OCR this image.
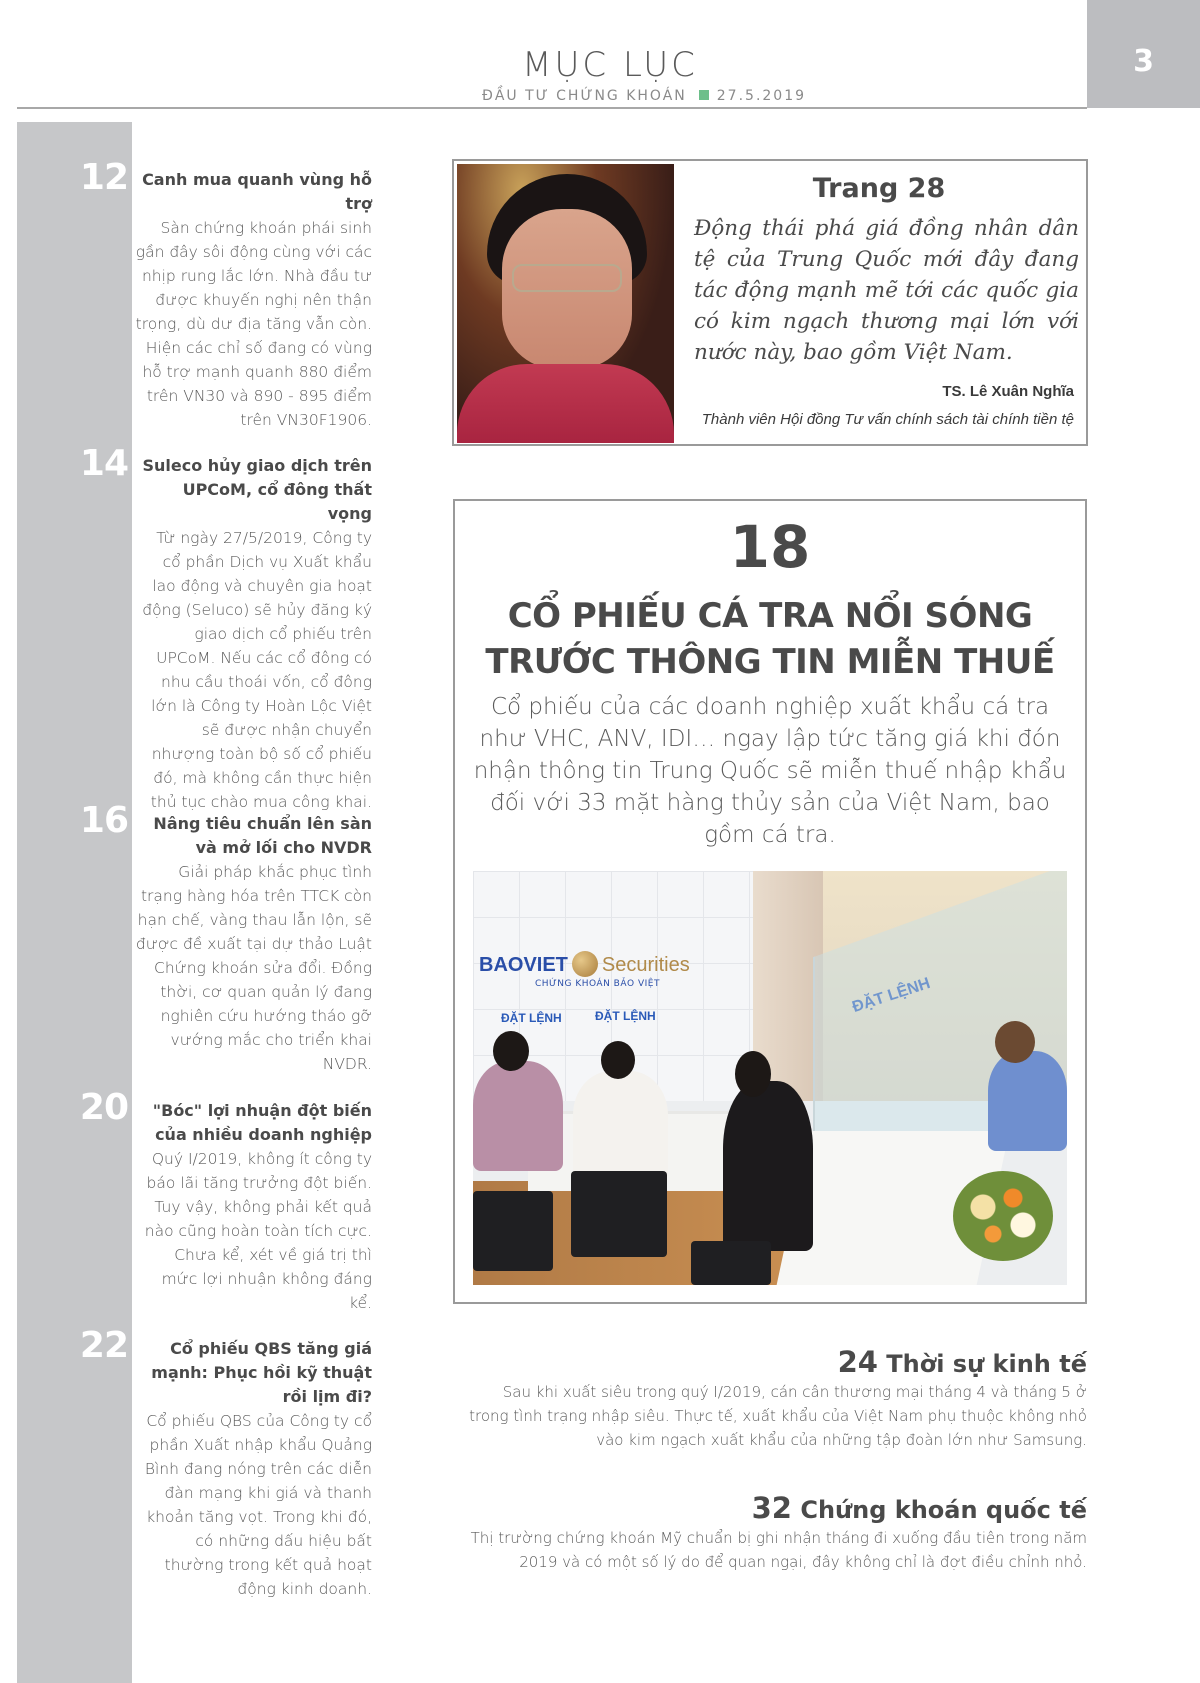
MỤC LỤC
ĐẦU TƯ CHỨNG KHOÁN 27.5.2019
3
12 Canh mua quanh vùng hỗ trợ
Sàn chứng khoán phái sinh gần đây sôi động cùng với các nhịp rung lắc lớn. Nhà đầu tư được khuyến nghị nên thận trọng, dù dư địa tăng vẫn còn. Hiện các chỉ số đang có vùng hỗ trợ mạnh quanh 880 điểm trên VN30 và 890 - 895 điểm trên VN30F1906.
14 Suleco hủy giao dịch trên UPCoM, cổ đông thất vọng
Từ ngày 27/5/2019, Công ty cổ phần Dịch vụ Xuất khẩu lao động và chuyên gia hoạt động (Seluco) sẽ hủy đăng ký giao dịch cổ phiếu trên UPCoM. Nếu các cổ đông có nhu cầu thoái vốn, cổ đông lớn là Công ty Hoàn Lộc Việt sẽ được nhận chuyển nhượng toàn bộ số cổ phiếu đó, mà không cần thực hiện thủ tục chào mua công khai.
16	Nâng tiêu chuẩn lên sàn và mở lối cho NVDR
Giải pháp khắc phục tình trạng hàng hóa trên TTCK còn hạn chế, vàng thau lẫn lộn, sẽ được đề xuất tại dự thảo Luật Chứng khoán sửa đổi. Đồng thời, cơ quan quản lý đang nghiên cứu hướng tháo gỡ vướng mắc cho triển khai NVDR.
20	"Bóc" lợi nhuận đột biến của nhiều doanh nghiệp
Quý I/2019, không ít công ty báo lãi tăng trưởng đột biến. Tuy vậy, không phải kết quả nào cũng hoàn toàn tích cực. Chưa kể, xét về giá trị thì mức lợi nhuận không đáng kể.
22	Cổ phiếu QBS tăng giá mạnh: Phục hồi kỹ thuật rồi lịm đi?
Cổ phiếu QBS của Công ty cổ phần Xuất nhập khẩu Quảng Bình đang nóng trên các diễn đàn mạng khi giá và thanh khoản tăng vọt. Trong khi đó, có những dấu hiệu bất thường trong kết quả hoạt động kinh doanh.
Trang 28
Động thái phá giá đồng nhân dân tệ của Trung Quốc mới đây đang tác động mạnh mẽ tới các quốc gia có kim ngạch thương mại lớn với nước này, bao gồm Việt Nam.
TS. Lê Xuân Nghĩa
Thành viên Hội đồng Tư vấn chính sách tài chính tiền tệ
18
CỔ PHIẾU CÁ TRA NỔI SÓNG
TRƯỚC THÔNG TIN MIỄN THUẾ
Cổ phiếu của các doanh nghiệp xuất khẩu cá tra như VHC, ANV, IDI… ngay lập tức tăng giá khi đón nhận thông tin Trung Quốc sẽ miễn thuế nhập khẩu đối với 33 mặt hàng thủy sản của Việt Nam, bao gồm cá tra.
BAOVIET Securities
CHỨNG KHOÁN BẢO VIỆT
ĐẶT LỆNH	ĐẶT LỆNH	ĐẶT LỆNH
24 Thời sự kinh tế
Sau khi xuất siêu trong quý I/2019, cán cân thương mại tháng 4 và tháng 5 ở trong tình trạng nhập siêu. Thực tế, xuất khẩu của Việt Nam phụ thuộc không nhỏ vào kim ngạch xuất khẩu của những tập đoàn lớn như Samsung.
32 Chứng khoán quốc tế
Thị trường chứng khoán Mỹ chuẩn bị ghi nhận tháng đi xuống đầu tiên trong năm 2019 và có một số lý do để quan ngại, đây không chỉ là đợt điều chỉnh nhỏ.
